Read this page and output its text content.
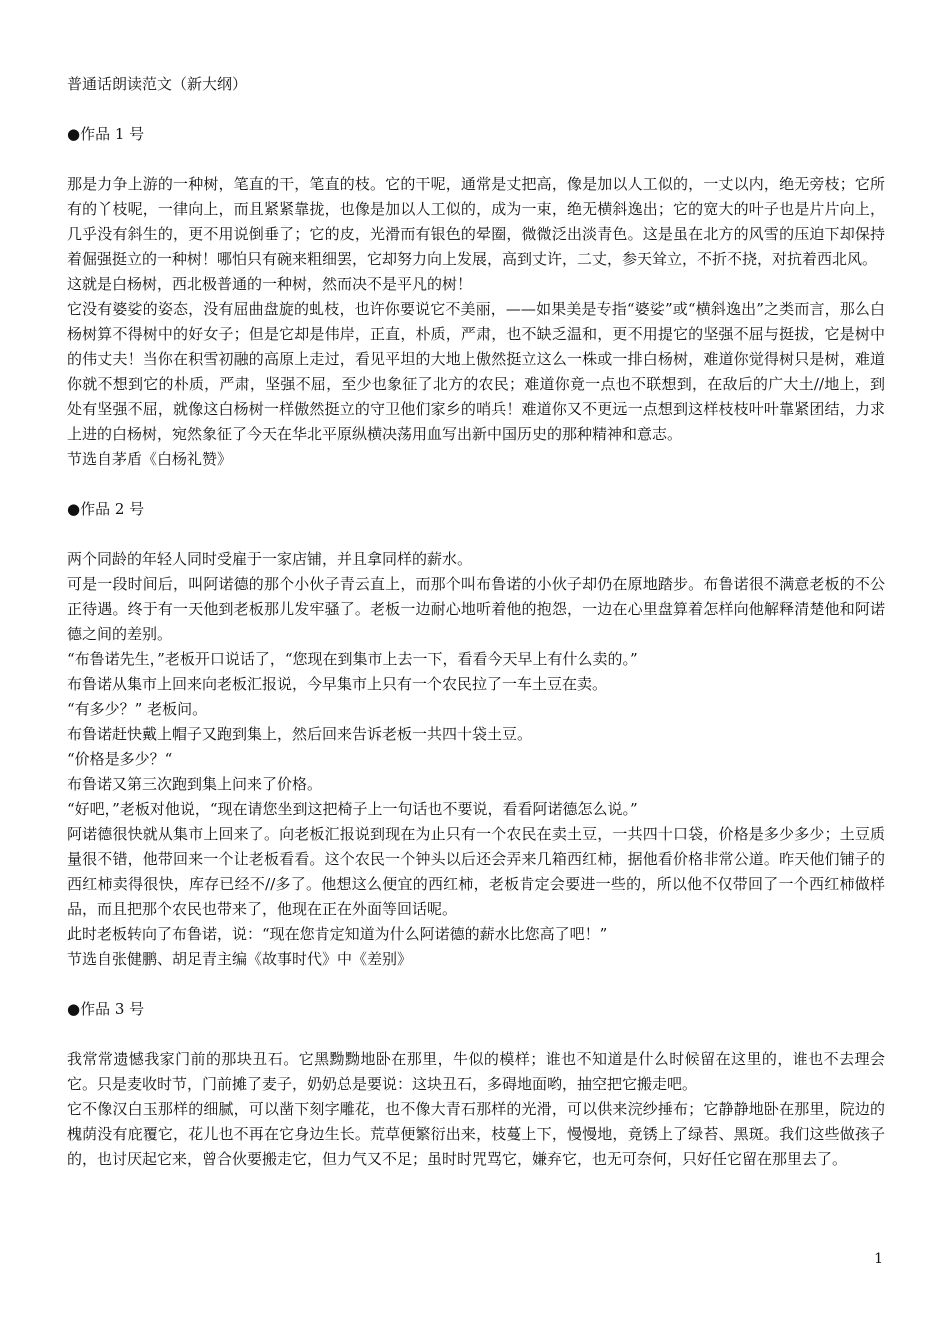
普通话朗读范文（新大纲）

●作品 1 号

那是力争上游的一种树，笔直的干，笔直的枝。它的干呢，通常是丈把高，像是加以人工似的，一丈以内，绝无旁枝；它所有的丫枝呢，一律向上，而且紧紧靠拢，也像是加以人工似的，成为一束，绝无横斜逸出；它的宽大的叶子也是片片向上，几乎没有斜生的，更不用说倒垂了；它的皮，光滑而有银色的晕圈，微微泛出淡青色。这是虽在北方的风雪的压迫下却保持着倔强挺立的一种树！哪怕只有碗来粗细罢，它却努力向上发展，高到丈许，二丈，参天耸立，不折不挠，对抗着西北风。

这就是白杨树，西北极普通的一种树，然而决不是平凡的树！

它没有婆娑的姿态，没有屈曲盘旋的虬枝，也许你要说它不美丽，——如果美是专指“婆娑”或“横斜逸出”之类而言，那么白杨树算不得树中的好女子；但是它却是伟岸，正直，朴质，严肃，也不缺乏温和，更不用提它的坚强不屈与挺拔，它是树中的伟丈夫！当你在积雪初融的高原上走过，看见平坦的大地上傲然挺立这么一株或一排白杨树，难道你觉得树只是树，难道你就不想到它的朴质，严肃，坚强不屈，至少也象征了北方的农民；难道你竟一点也不联想到，在敌后的广大土//地上，到处有坚强不屈，就像这白杨树一样傲然挺立的守卫他们家乡的哨兵！难道你又不更远一点想到这样枝枝叶叶靠紧团结，力求上进的白杨树，宛然象征了今天在华北平原纵横决荡用血写出新中国历史的那种精神和意志。

节选自茅盾《白杨礼赞》

●作品 2 号

两个同龄的年轻人同时受雇于一家店铺，并且拿同样的薪水。

可是一段时间后，叫阿诺德的那个小伙子青云直上，而那个叫布鲁诺的小伙子却仍在原地踏步。布鲁诺很不满意老板的不公正待遇。终于有一天他到老板那儿发牢骚了。老板一边耐心地听着他的抱怨，一边在心里盘算着怎样向他解释清楚他和阿诺德之间的差别。

“布鲁诺先生，”老板开口说话了，“您现在到集市上去一下，看看今天早上有什么卖的。”

布鲁诺从集市上回来向老板汇报说，今早集市上只有一个农民拉了一车土豆在卖。

“有多少？” 老板问。

布鲁诺赶快戴上帽子又跑到集上，然后回来告诉老板一共四十袋土豆。

“价格是多少？“

布鲁诺又第三次跑到集上问来了价格。

“好吧，”老板对他说，“现在请您坐到这把椅子上一句话也不要说，看看阿诺德怎么说。”

阿诺德很快就从集市上回来了。向老板汇报说到现在为止只有一个农民在卖土豆，一共四十口袋，价格是多少多少；土豆质量很不错，他带回来一个让老板看看。这个农民一个钟头以后还会弄来几箱西红柿，据他看价格非常公道。昨天他们铺子的西红柿卖得很快，库存已经不//多了。他想这么便宜的西红柿，老板肯定会要进一些的，所以他不仅带回了一个西红柿做样品，而且把那个农民也带来了，他现在正在外面等回话呢。

此时老板转向了布鲁诺，说：“现在您肯定知道为什么阿诺德的薪水比您高了吧！”

节选自张健鹏、胡足青主编《故事时代》中《差别》

●作品 3 号

我常常遗憾我家门前的那块丑石。它黑黝黝地卧在那里，牛似的模样；谁也不知道是什么时候留在这里的，谁也不去理会它。只是麦收时节，门前摊了麦子，奶奶总是要说：这块丑石，多碍地面哟，抽空把它搬走吧。

它不像汉白玉那样的细腻，可以凿下刻字雕花，也不像大青石那样的光滑，可以供来浣纱捶布；它静静地卧在那里，院边的槐荫没有庇覆它，花儿也不再在它身边生长。荒草便繁衍出来，枝蔓上下，慢慢地，竟锈上了绿苔、黑斑。我们这些做孩子的，也讨厌起它来，曾合伙要搬走它，但力气又不足；虽时时咒骂它，嫌弃它，也无可奈何，只好任它留在那里去了。

1
